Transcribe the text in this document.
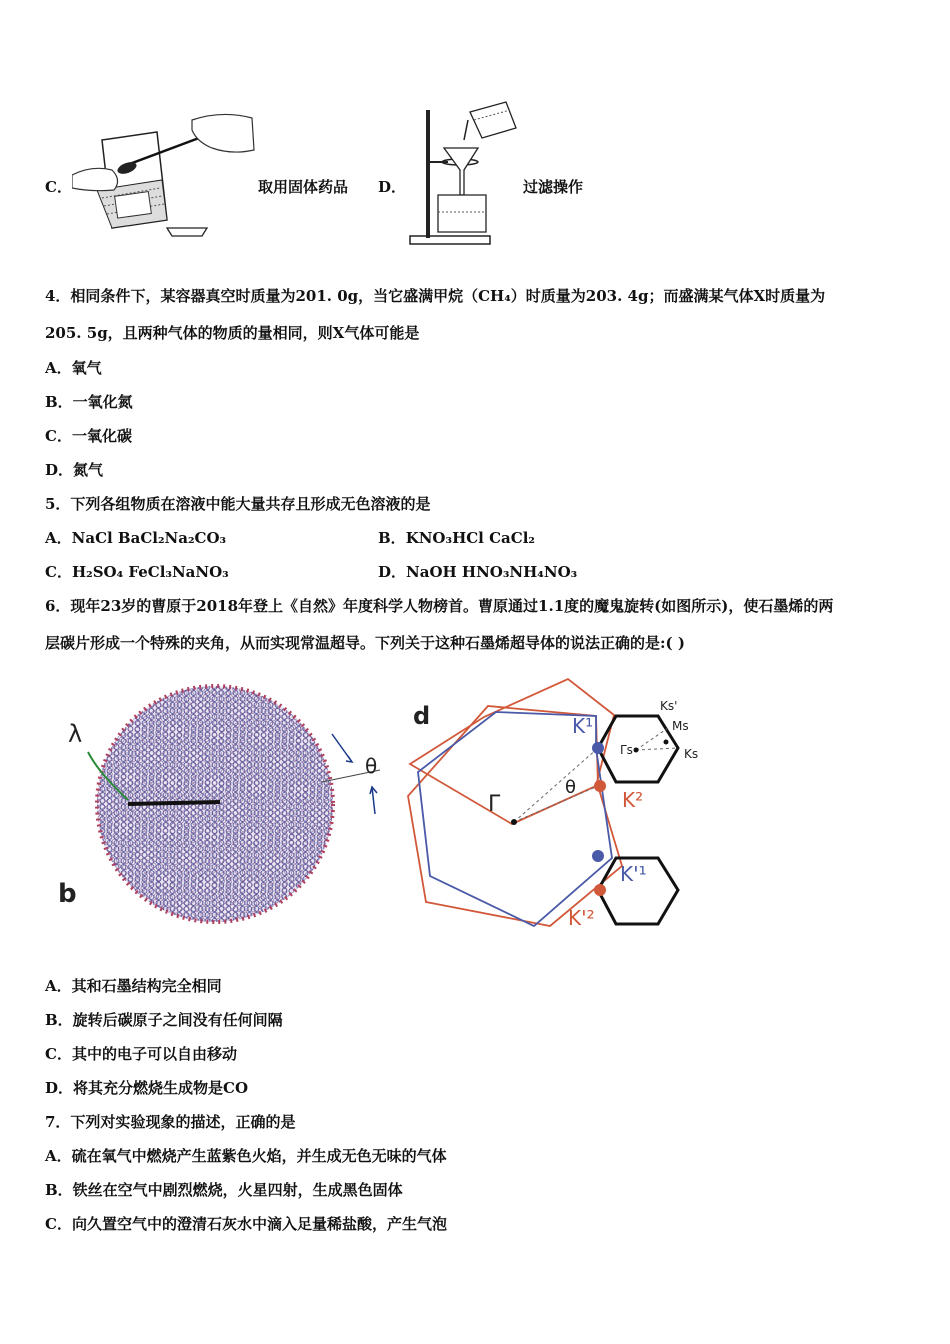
C．	取用固体药品 D．	过滤操作
4．相同条件下，某容器真空时质量为201. 0g，当它盛满甲烷（CH₄）时质量为203. 4g；而盛满某气体X时质量为
205. 5g，且两种气体的物质的量相同，则X气体可能是
A．氧气
B．一氧化氮
C．一氧化碳
D．氮气
5．下列各组物质在溶液中能大量共存且形成无色溶液的是
A．NaCl BaCl₂Na₂CO₃	B．KNO₃HCl CaCl₂
C．H₂SO₄ FeCl₃NaNO₃	D．NaOH HNO₃NH₄NO₃
6．现年23岁的曹原于2018年登上《自然》年度科学人物榜首。曹原通过1.1度的魔鬼旋转(如图所示)，使石墨烯的两
层碳片形成一个特殊的夹角，从而实现常温超导。下列关于这种石墨烯超导体的说法正确的是:( )
λ
θ
b
d
Γ
θ
K¹
K²
K'¹
K'²
Γs	Ks
Ks'
Ms
A．其和石墨结构完全相同
B．旋转后碳原子之间没有任何间隔
C．其中的电子可以自由移动
D．将其充分燃烧生成物是CO
7．下列对实验现象的描述，正确的是
A．硫在氧气中燃烧产生蓝紫色火焰，并生成无色无味的气体
B．铁丝在空气中剧烈燃烧，火星四射，生成黑色固体
C．向久置空气中的澄清石灰水中滴入足量稀盐酸，产生气泡
